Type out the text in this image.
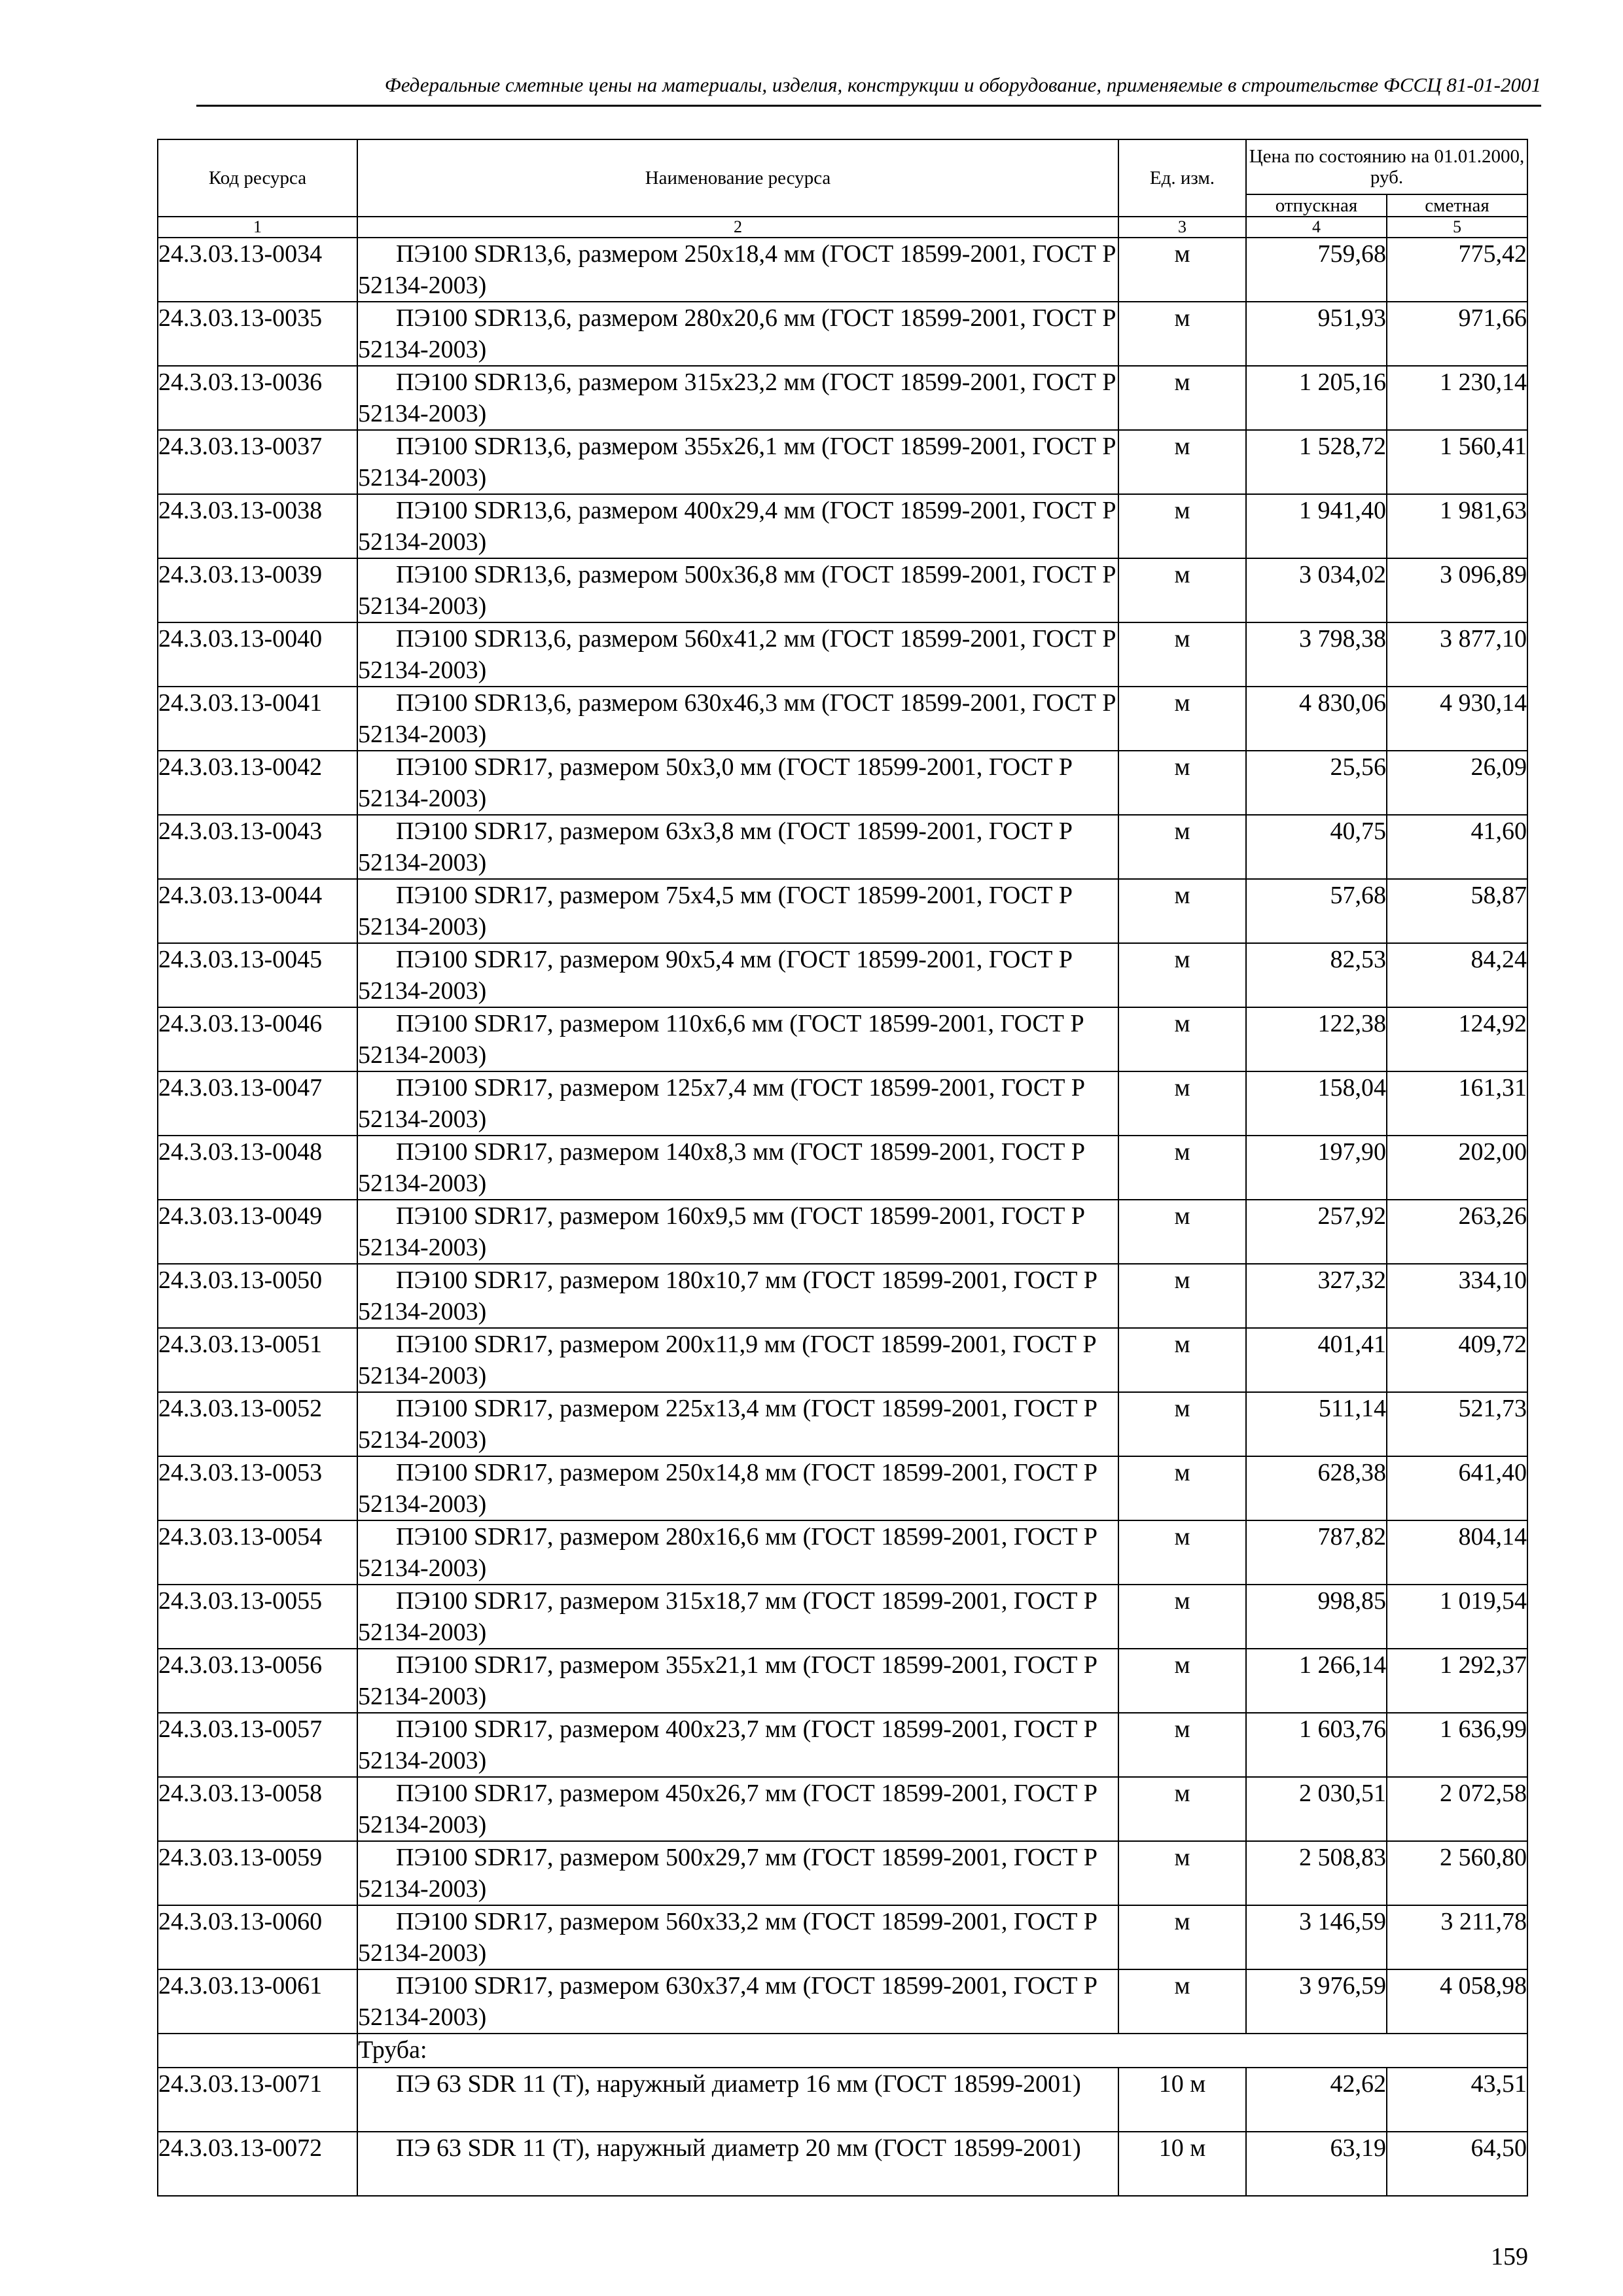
Федеральные сметные цены на материалы, изделия, конструкции и оборудование, применяемые в строительстве ФССЦ 81-01-2001
Код ресурса	Наименование ресурса	Ед. изм.	Цена по состоянию на 01.01.2000, руб.	
			отпускная	сметная
1	2	3	4	5
24.3.03.13-0034	ПЭ100 SDR13,6, размером 250х18,4 мм (ГОСТ 18599-2001, ГОСТ Р 52134-2003)	м	759,68	775,42
24.3.03.13-0035	ПЭ100 SDR13,6, размером 280х20,6 мм (ГОСТ 18599-2001, ГОСТ Р 52134-2003)	м	951,93	971,66
24.3.03.13-0036	ПЭ100 SDR13,6, размером 315х23,2 мм (ГОСТ 18599-2001, ГОСТ Р 52134-2003)	м	1 205,16	1 230,14
24.3.03.13-0037	ПЭ100 SDR13,6, размером 355х26,1 мм (ГОСТ 18599-2001, ГОСТ Р 52134-2003)	м	1 528,72	1 560,41
24.3.03.13-0038	ПЭ100 SDR13,6, размером 400х29,4 мм (ГОСТ 18599-2001, ГОСТ Р 52134-2003)	м	1 941,40	1 981,63
24.3.03.13-0039	ПЭ100 SDR13,6, размером 500х36,8 мм (ГОСТ 18599-2001, ГОСТ Р 52134-2003)	м	3 034,02	3 096,89
24.3.03.13-0040	ПЭ100 SDR13,6, размером 560х41,2 мм (ГОСТ 18599-2001, ГОСТ Р 52134-2003)	м	3 798,38	3 877,10
24.3.03.13-0041	ПЭ100 SDR13,6, размером 630х46,3 мм (ГОСТ 18599-2001, ГОСТ Р 52134-2003)	м	4 830,06	4 930,14
24.3.03.13-0042	ПЭ100 SDR17, размером 50х3,0 мм (ГОСТ 18599-2001, ГОСТ Р 52134-2003)	м	25,56	26,09
24.3.03.13-0043	ПЭ100 SDR17, размером 63х3,8 мм (ГОСТ 18599-2001, ГОСТ Р 52134-2003)	м	40,75	41,60
24.3.03.13-0044	ПЭ100 SDR17, размером 75х4,5 мм (ГОСТ 18599-2001, ГОСТ Р 52134-2003)	м	57,68	58,87
24.3.03.13-0045	ПЭ100 SDR17, размером 90х5,4 мм (ГОСТ 18599-2001, ГОСТ Р 52134-2003)	м	82,53	84,24
24.3.03.13-0046	ПЭ100 SDR17, размером 110х6,6 мм (ГОСТ 18599-2001, ГОСТ Р 52134-2003)	м	122,38	124,92
24.3.03.13-0047	ПЭ100 SDR17, размером 125х7,4 мм (ГОСТ 18599-2001, ГОСТ Р 52134-2003)	м	158,04	161,31
24.3.03.13-0048	ПЭ100 SDR17, размером 140х8,3 мм (ГОСТ 18599-2001, ГОСТ Р 52134-2003)	м	197,90	202,00
24.3.03.13-0049	ПЭ100 SDR17, размером 160х9,5 мм (ГОСТ 18599-2001, ГОСТ Р 52134-2003)	м	257,92	263,26
24.3.03.13-0050	ПЭ100 SDR17, размером 180х10,7 мм (ГОСТ 18599-2001, ГОСТ Р 52134-2003)	м	327,32	334,10
24.3.03.13-0051	ПЭ100 SDR17, размером 200х11,9 мм (ГОСТ 18599-2001, ГОСТ Р 52134-2003)	м	401,41	409,72
24.3.03.13-0052	ПЭ100 SDR17, размером 225х13,4 мм (ГОСТ 18599-2001, ГОСТ Р 52134-2003)	м	511,14	521,73
24.3.03.13-0053	ПЭ100 SDR17, размером 250х14,8 мм (ГОСТ 18599-2001, ГОСТ Р 52134-2003)	м	628,38	641,40
24.3.03.13-0054	ПЭ100 SDR17, размером 280х16,6 мм (ГОСТ 18599-2001, ГОСТ Р 52134-2003)	м	787,82	804,14
24.3.03.13-0055	ПЭ100 SDR17, размером 315х18,7 мм (ГОСТ 18599-2001, ГОСТ Р 52134-2003)	м	998,85	1 019,54
24.3.03.13-0056	ПЭ100 SDR17, размером 355х21,1 мм (ГОСТ 18599-2001, ГОСТ Р 52134-2003)	м	1 266,14	1 292,37
24.3.03.13-0057	ПЭ100 SDR17, размером 400х23,7 мм (ГОСТ 18599-2001, ГОСТ Р 52134-2003)	м	1 603,76	1 636,99
24.3.03.13-0058	ПЭ100 SDR17, размером 450х26,7 мм (ГОСТ 18599-2001, ГОСТ Р 52134-2003)	м	2 030,51	2 072,58
24.3.03.13-0059	ПЭ100 SDR17, размером 500х29,7 мм (ГОСТ 18599-2001, ГОСТ Р 52134-2003)	м	2 508,83	2 560,80
24.3.03.13-0060	ПЭ100 SDR17, размером 560х33,2 мм (ГОСТ 18599-2001, ГОСТ Р 52134-2003)	м	3 146,59	3 211,78
24.3.03.13-0061	ПЭ100 SDR17, размером 630х37,4 мм (ГОСТ 18599-2001, ГОСТ Р 52134-2003)	м	3 976,59	4 058,98
	Труба:			
24.3.03.13-0071	ПЭ 63 SDR 11 (Т), наружный диаметр 16 мм (ГОСТ 18599-2001)	10 м	42,62	43,51
24.3.03.13-0072	ПЭ 63 SDR 11 (Т), наружный диаметр 20 мм (ГОСТ 18599-2001)	10 м	63,19	64,50
159
